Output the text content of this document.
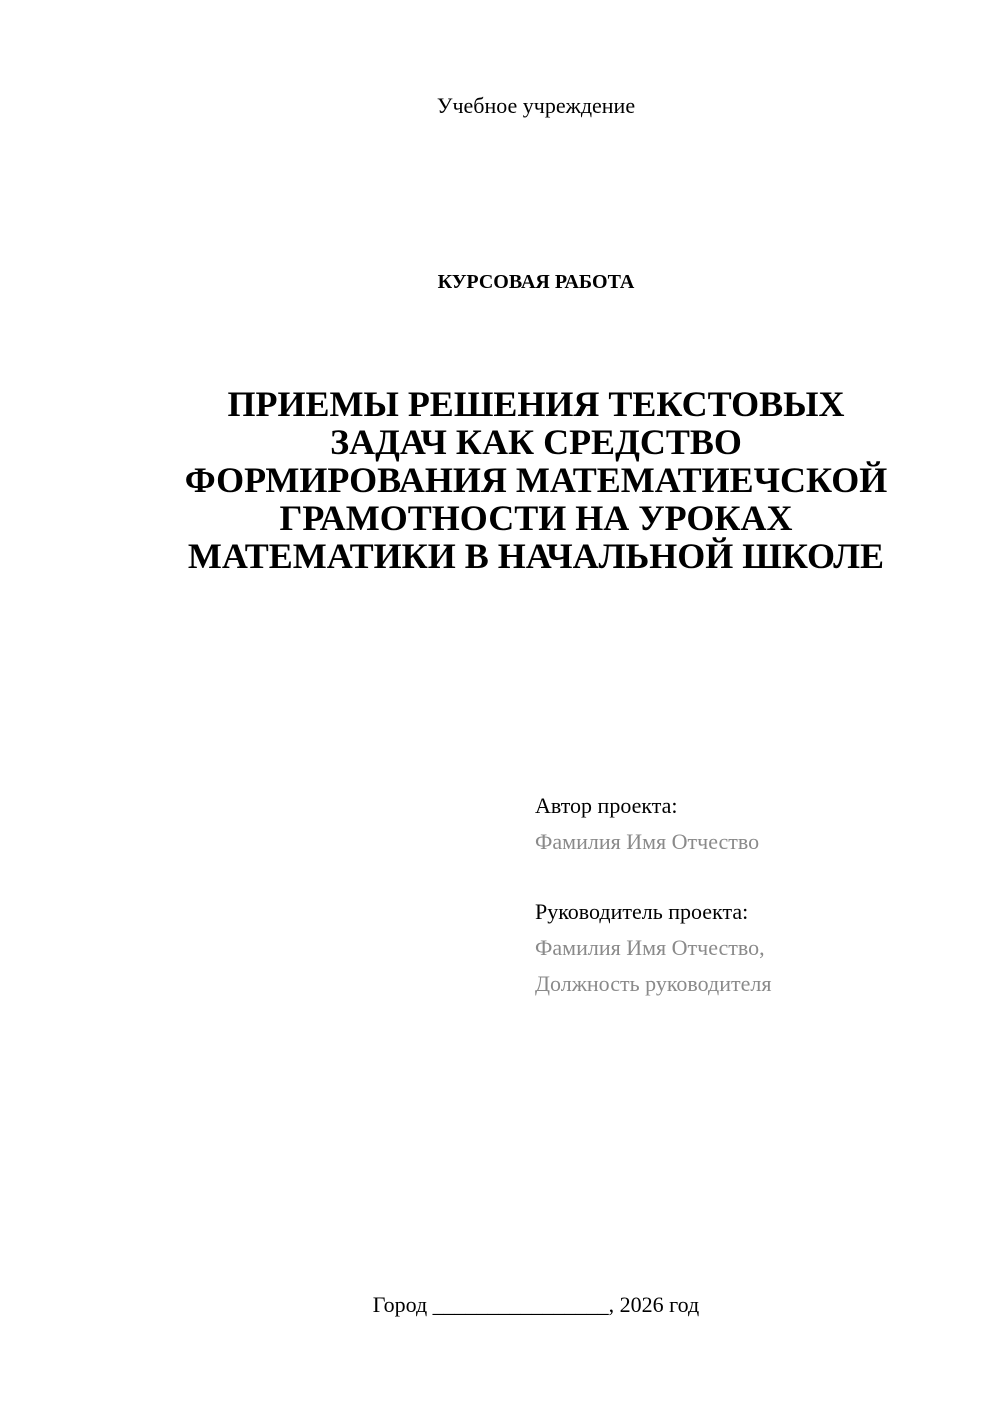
Учебное учреждение
КУРСОВАЯ РАБОТА
ПРИЕМЫ РЕШЕНИЯ ТЕКСТОВЫХ
ЗАДАЧ КАК СРЕДСТВО
ФОРМИРОВАНИЯ МАТЕМАТИЕЧСКОЙ
ГРАМОТНОСТИ НА УРОКАХ
МАТЕМАТИКИ В НАЧАЛЬНОЙ ШКОЛЕ
Автор проекта:
Фамилия Имя Отчество
Руководитель проекта:
Фамилия Имя Отчество,
Должность руководителя
Город ________________, 2026 год
